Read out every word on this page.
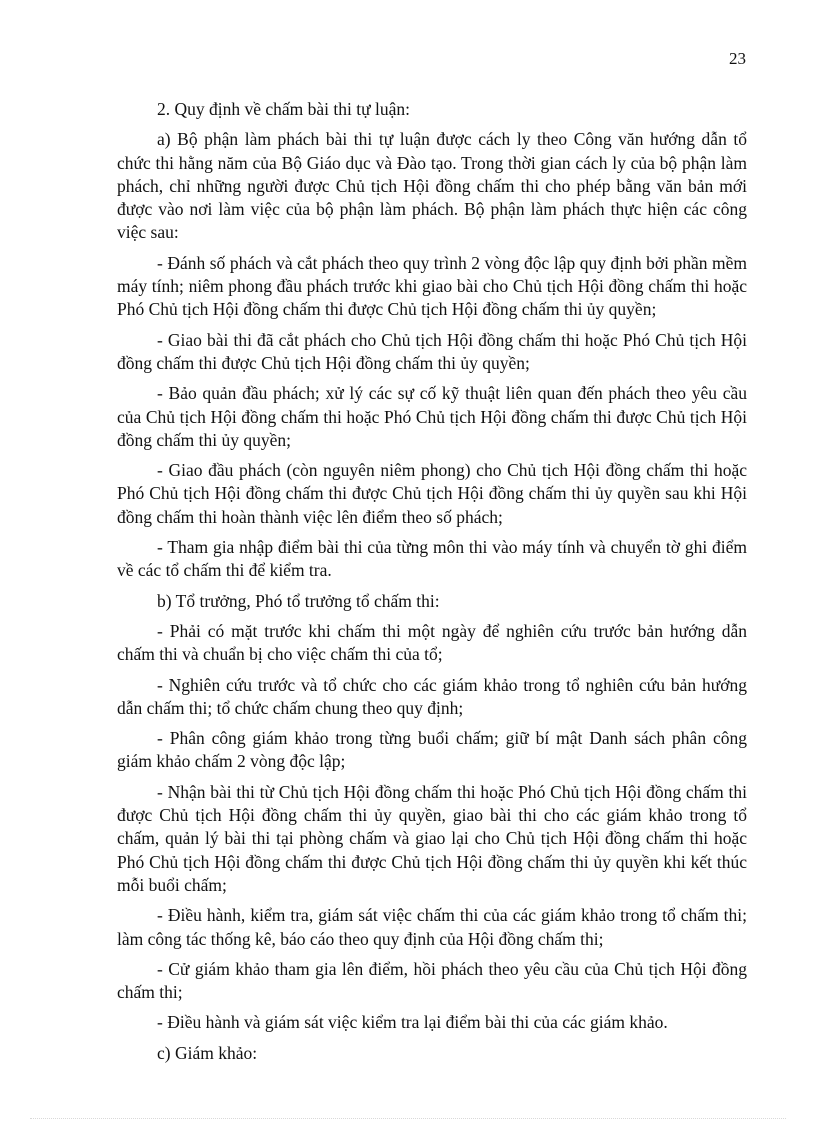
23

2. Quy định về chấm bài thi tự luận:

a) Bộ phận làm phách bài thi tự luận được cách ly theo Công văn hướng dẫn tổ chức thi hằng năm của Bộ Giáo dục và Đào tạo. Trong thời gian cách ly của bộ phận làm phách, chỉ những người được Chủ tịch Hội đồng chấm thi cho phép bằng văn bản mới được vào nơi làm việc của bộ phận làm phách. Bộ phận làm phách thực hiện các công việc sau:

- Đánh số phách và cắt phách theo quy trình 2 vòng độc lập quy định bởi phần mềm máy tính; niêm phong đầu phách trước khi giao bài cho Chủ tịch Hội đồng chấm thi hoặc Phó Chủ tịch Hội đồng chấm thi được Chủ tịch Hội đồng chấm thi ủy quyền;

- Giao bài thi đã cắt phách cho Chủ tịch Hội đồng chấm thi hoặc Phó Chủ tịch Hội đồng chấm thi được Chủ tịch Hội đồng chấm thi ủy quyền;

- Bảo quản đầu phách; xử lý các sự cố kỹ thuật liên quan đến phách theo yêu cầu của Chủ tịch Hội đồng chấm thi hoặc Phó Chủ tịch Hội đồng chấm thi được Chủ tịch Hội đồng chấm thi ủy quyền;

- Giao đầu phách (còn nguyên niêm phong) cho Chủ tịch Hội đồng chấm thi hoặc Phó Chủ tịch Hội đồng chấm thi được Chủ tịch Hội đồng chấm thi ủy quyền sau khi Hội đồng chấm thi hoàn thành việc lên điểm theo số phách;

- Tham gia nhập điểm bài thi của từng môn thi vào máy tính và chuyển tờ ghi điểm về các tổ chấm thi để kiểm tra.

b) Tổ trưởng, Phó tổ trưởng tổ chấm thi:

- Phải có mặt trước khi chấm thi một ngày để nghiên cứu trước bản hướng dẫn chấm thi và chuẩn bị cho việc chấm thi của tổ;

- Nghiên cứu trước và tổ chức cho các giám khảo trong tổ nghiên cứu bản hướng dẫn chấm thi; tổ chức chấm chung theo quy định;

- Phân công giám khảo trong từng buổi chấm; giữ bí mật Danh sách phân công giám khảo chấm 2 vòng độc lập;

- Nhận bài thi từ Chủ tịch Hội đồng chấm thi hoặc Phó Chủ tịch Hội đồng chấm thi được Chủ tịch Hội đồng chấm thi ủy quyền, giao bài thi cho các giám khảo trong tổ chấm, quản lý bài thi tại phòng chấm và giao lại cho Chủ tịch Hội đồng chấm thi hoặc Phó Chủ tịch Hội đồng chấm thi được Chủ tịch Hội đồng chấm thi ủy quyền khi kết thúc mỗi buổi chấm;

- Điều hành, kiểm tra, giám sát việc chấm thi của các giám khảo trong tổ chấm thi; làm công tác thống kê, báo cáo theo quy định của Hội đồng chấm thi;

- Cử giám khảo tham gia lên điểm, hồi phách theo yêu cầu của Chủ tịch Hội đồng chấm thi;

- Điều hành và giám sát việc kiểm tra lại điểm bài thi của các giám khảo.

c) Giám khảo:
